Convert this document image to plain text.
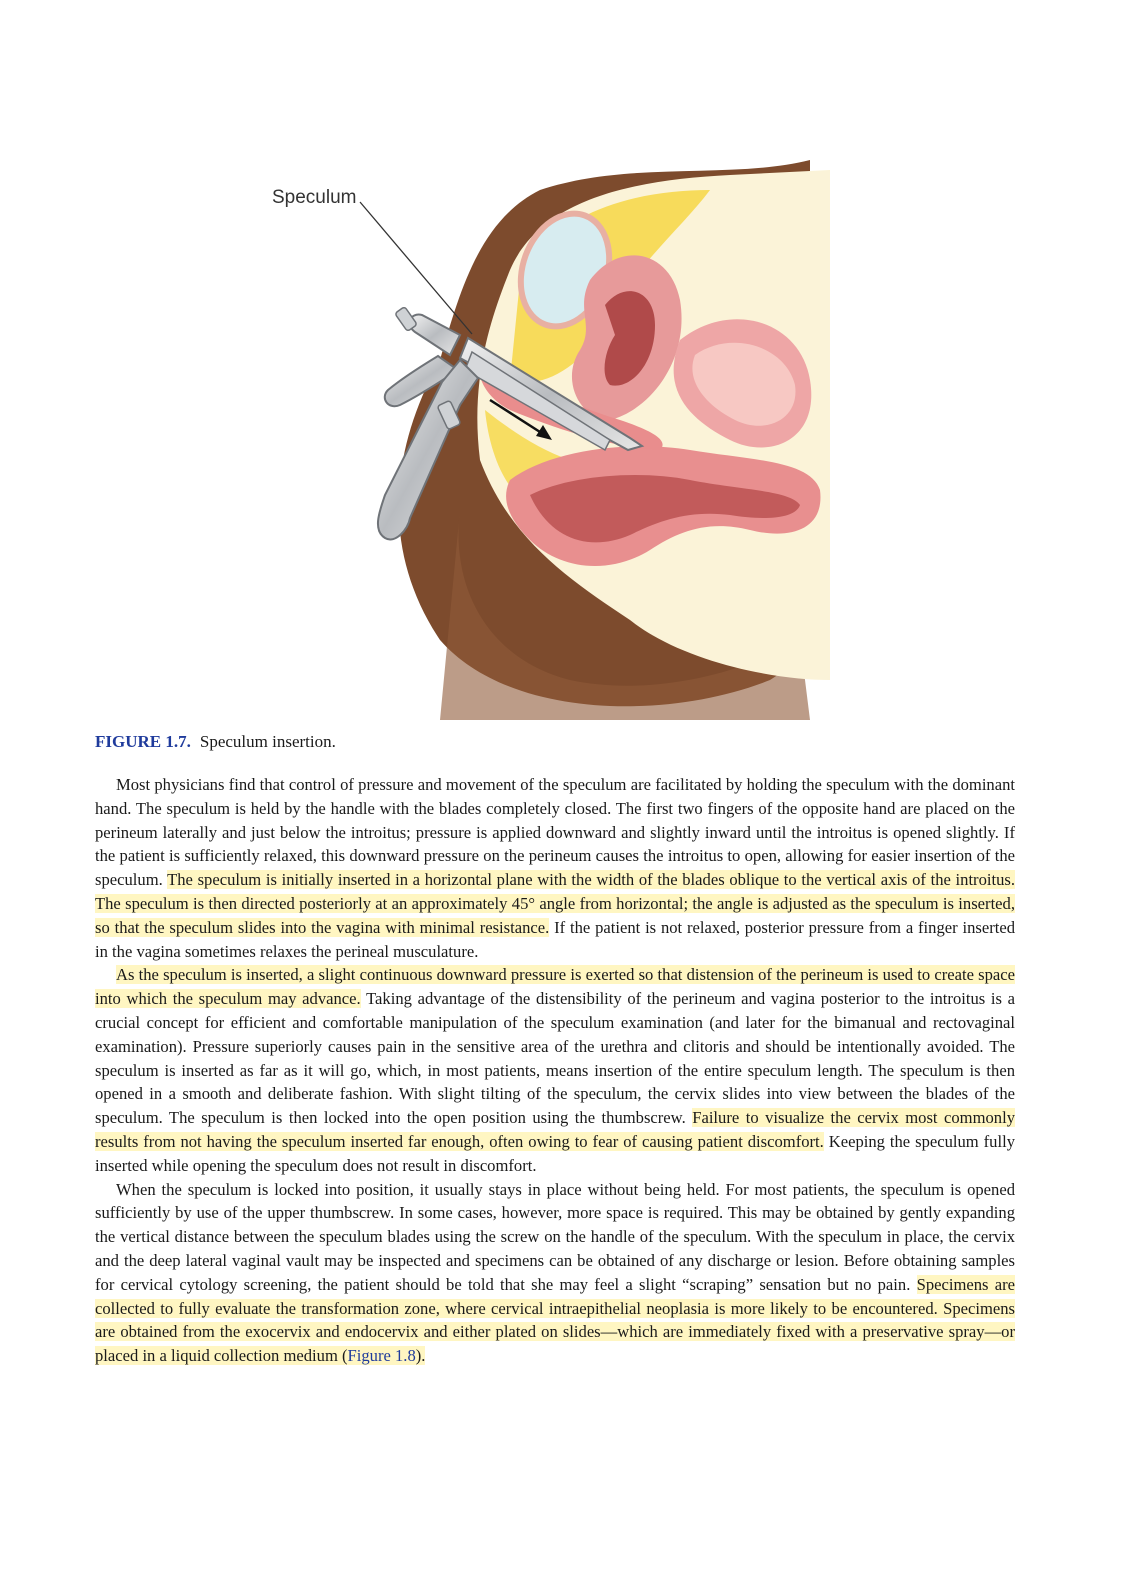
Speculum
FIGURE 1.7. Speculum insertion.

Most physicians find that control of pressure and movement of the speculum are facilitated by holding the speculum with the dominant hand. The speculum is held by the handle with the blades completely closed. The first two fingers of the opposite hand are placed on the perineum laterally and just below the introitus; pressure is applied downward and slightly inward until the introitus is opened slightly. If the patient is sufficiently relaxed, this downward pressure on the perineum causes the introitus to open, allowing for easier insertion of the speculum. The speculum is initially inserted in a horizontal plane with the width of the blades oblique to the vertical axis of the introitus. The speculum is then directed posteriorly at an approximately 45° angle from horizontal; the angle is adjusted as the speculum is inserted, so that the speculum slides into the vagina with minimal resistance. If the patient is not relaxed, posterior pressure from a finger inserted in the vagina sometimes relaxes the perineal musculature.

As the speculum is inserted, a slight continuous downward pressure is exerted so that distension of the perineum is used to create space into which the speculum may advance. Taking advantage of the distensibility of the perineum and vagina posterior to the introitus is a crucial concept for efficient and comfortable manipulation of the speculum examination (and later for the bimanual and rectovaginal examination). Pressure superiorly causes pain in the sensitive area of the urethra and clitoris and should be intentionally avoided. The speculum is inserted as far as it will go, which, in most patients, means insertion of the entire speculum length. The speculum is then opened in a smooth and deliberate fashion. With slight tilting of the speculum, the cervix slides into view between the blades of the speculum. The speculum is then locked into the open position using the thumbscrew. Failure to visualize the cervix most commonly results from not having the speculum inserted far enough, often owing to fear of causing patient discomfort. Keeping the speculum fully inserted while opening the speculum does not result in discomfort.

When the speculum is locked into position, it usually stays in place without being held. For most patients, the speculum is opened sufficiently by use of the upper thumbscrew. In some cases, however, more space is required. This may be obtained by gently expanding the vertical distance between the speculum blades using the screw on the handle of the speculum. With the speculum in place, the cervix and the deep lateral vaginal vault may be inspected and specimens can be obtained of any discharge or lesion. Before obtaining samples for cervical cytology screening, the patient should be told that she may feel a slight “scraping” sensation but no pain. Specimens are collected to fully evaluate the transformation zone, where cervical intraepithelial neoplasia is more likely to be encountered. Specimens are obtained from the exocervix and endocervix and either plated on slides—which are immediately fixed with a preservative spray—or placed in a liquid collection medium (Figure 1.8).
